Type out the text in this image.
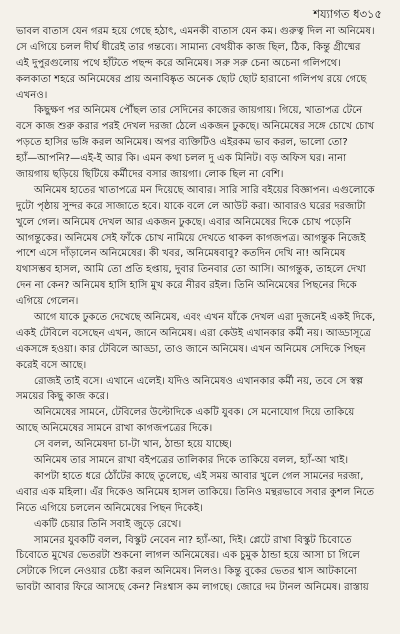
শয্যাগত ধ৩১৫
ভাবল বাতাস যেন গরম হয়ে গেছে হঠাৎ, এমনকী বাতাস যেন কম। গুরুত্ব দিল না অনিমেষ।
সে এগিয়ে চলল দীর্ঘ ধীরেই তার গন্তব্যে। সামান্য বেথয়ীক কাজ ছিল, ঠিক, কিন্তু গ্রীষ্মের
এই দুপুরগুলোয় পথে হাঁটতে পছন্দ করে অনিমেষ। সরু সরু চেনা অচেনা গলিপথে।
কলকাতা শহরে অনিমেষের প্রায় অনাবিষ্কৃত অনেক ছোট ছোট হারানো গলিপথ রয়ে গেছে
এখনও।
কিছুক্ষণ পর অনিমেষ পৌঁছল তার সেদিনের কাজের জায়গায়। গিয়ে, খাতাপত্র টেনে
বসে কাজ শুরু করার পরই দেখল দরজা ঠেলে একজন ঢুকছে। অনিমেষের সঙ্গে চোখে চোখ
পড়তে হাসির ভঙ্গি করল অনিমেষ। অপর ব্যক্তিটিও এইরকম ভাব করল, ভালো তো?
হ্যাঁ—আপনি?—এই-ই আর কি। এমন কথা চলল দু এক মিনিট। বড় অফিস ঘর। নানা
জায়গায় ছড়িয়ে ছিটিয়ে কর্মীদের বসার জায়গা। লোক ছিল না বেশি।
অনিমেষ হাতের খাতাপত্রে মন দিয়েছে আবার। সারি সারি বইয়ের বিজ্ঞাপন। এগুলোকে
দুটো পৃষ্ঠায় সুন্দর করে সাজাতে হবে। যাকে বলে লে আউট করা। আবারও ঘরের দরজাটা
খুলে গেল। অনিমেষ দেখল আর একজন ঢুকছে। এবার অনিমেষের দিকে চোখ পড়েনি
আগন্তুকের। অনিমেষ সেই ফাঁকে চোখ নামিয়ে দেখতে থাকল কাগজপত্র। আগন্তুক নিজেই
পাশে এসে দাঁড়ালেন অনিমেষের। কী খবর, অনিমেষবাবু? কতদিন দেখি না! অনিমেষ
যথাসম্ভব হাসল, আমি তো প্রতি হপ্তায়, দুবার তিনবার তো আসি। আগন্তুক, তাহলে দেখা
দেন না কেন? অনিমেষ হাসি হাসি মুখ করে নীরব রইল। তিনি অনিমেষের পিছনের দিকে
এগিয়ে গেলেন।
আগে যাকে ঢুকতে দেখেছে অনিমেষ, এবং এখন যাঁকে দেখল এরা দুজনেই একই দিকে,
একই টেবিলে বসেছেন এখন, জানে অনিমেষ। এরা কেউই এখানকার কর্মী নয়। আড্ডাসূত্রে
একসঙ্গে হওয়া। কার টেবিলে আড্ডা, তাও জানে অনিমেষ। এখন অনিমেষ সেদিকে পিছন
করেই বসে আছে।
রোজই তাই বসে। এখানে এলেই। যদিও অনিমেষও এখানকার কর্মী নয়, তবে সে স্বল্প
সময়ের কিছু কাজ করে।
অনিমেষের সামনে, টেবিলের উল্টোদিকে একটি যুবক। সে মনোযোগ দিয়ে তাকিয়ে
আছে অনিমেষের সামনে রাখা কাগজপত্রের দিকে।
সে বলল, অনিমেষদা চা-টা খান, ঠান্ডা হয়ে যাচ্ছে।
অনিমেষ তার সামনে রাখা বইপত্রের তালিকার দিকে তাকিয়ে বলল, হ্যাঁ-আ খাই।
কাপটা হাতে ধরে ঠোঁটের কাছে তুলেছে, এই সময় আবার খুলে গেল সামনের দরজা,
এবার এক মহিলা। এঁর দিকেও অনিমেষ হাসল তাকিয়ে। তিনিও মন্থরভাবে সবার কুশল নিতে
নিতে এগিয়ে চললেন অনিমেষের পিছন দিকেই।
একটি চেয়ার তিনি সবাই জুড়ে রেখে।
সামনের যুবকটি বলল, বিস্কুট নেবেন না? হ্যাঁ-আ, দিই। প্লেটে রাখা বিস্কুট চিবোতে
চিবোতে মুখের ভেতরটা শুকনো লাগল অনিমেষের। এক চুমুক ঠান্ডা হয়ে আসা চা গিলে
সেটাকে গিলে নেওয়ার চেষ্টা করল অনিমেষ। নিলও। কিন্তু বুকের ভেতর শ্বাস আটকানো
ভাবটা আবার ফিরে আসছে কেন? নিঃশ্বাস কম লাগছে। জোরে দম টানল অনিমেষ। রাস্তায়
